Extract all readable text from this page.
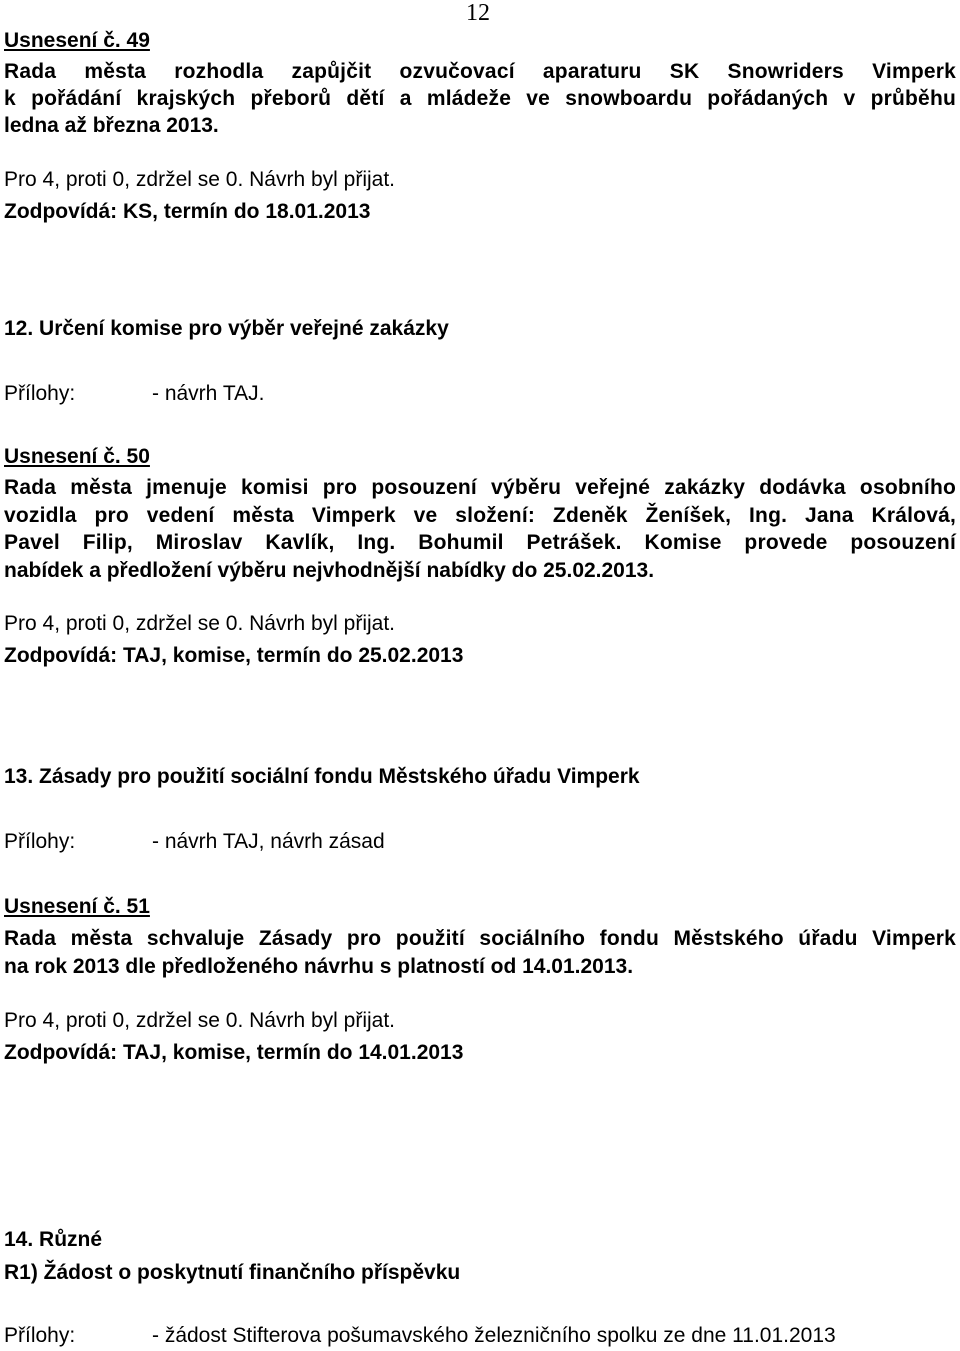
12
Usnesení č. 49
Rada města rozhodla zapůjčit ozvučovací aparaturu SK Snowriders Vimperk
k pořádání krajských přeborů dětí a mládeže ve snowboardu pořádaných v průběhu
ledna až března 2013.
Pro 4, proti 0, zdržel se 0. Návrh byl přijat.
Zodpovídá: KS, termín do 18.01.2013
12. Určení komise pro výběr veřejné zakázky
Přílohy:	- návrh TAJ.
Usnesení č. 50
Rada města jmenuje komisi pro posouzení výběru veřejné zakázky dodávka osobního
vozidla pro vedení města Vimperk ve složení: Zdeněk Ženíšek, Ing. Jana Králová,
Pavel Filip, Miroslav Kavlík, Ing. Bohumil Petrášek. Komise provede posouzení
nabídek a předložení výběru nejvhodnější nabídky do 25.02.2013.
Pro 4, proti 0, zdržel se 0. Návrh byl přijat.
Zodpovídá: TAJ, komise, termín do 25.02.2013
13. Zásady pro použití sociální fondu Městského úřadu Vimperk
Přílohy:	- návrh TAJ, návrh zásad
Usnesení č. 51
Rada města schvaluje Zásady pro použití sociálního fondu Městského úřadu Vimperk
na rok 2013 dle předloženého návrhu s platností od 14.01.2013.
Pro 4, proti 0, zdržel se 0. Návrh byl přijat.
Zodpovídá: TAJ, komise, termín do 14.01.2013
14. Různé
R1) Žádost o poskytnutí finančního příspěvku
Přílohy:	- žádost Stifterova pošumavského železničního spolku ze dne 11.01.2013
